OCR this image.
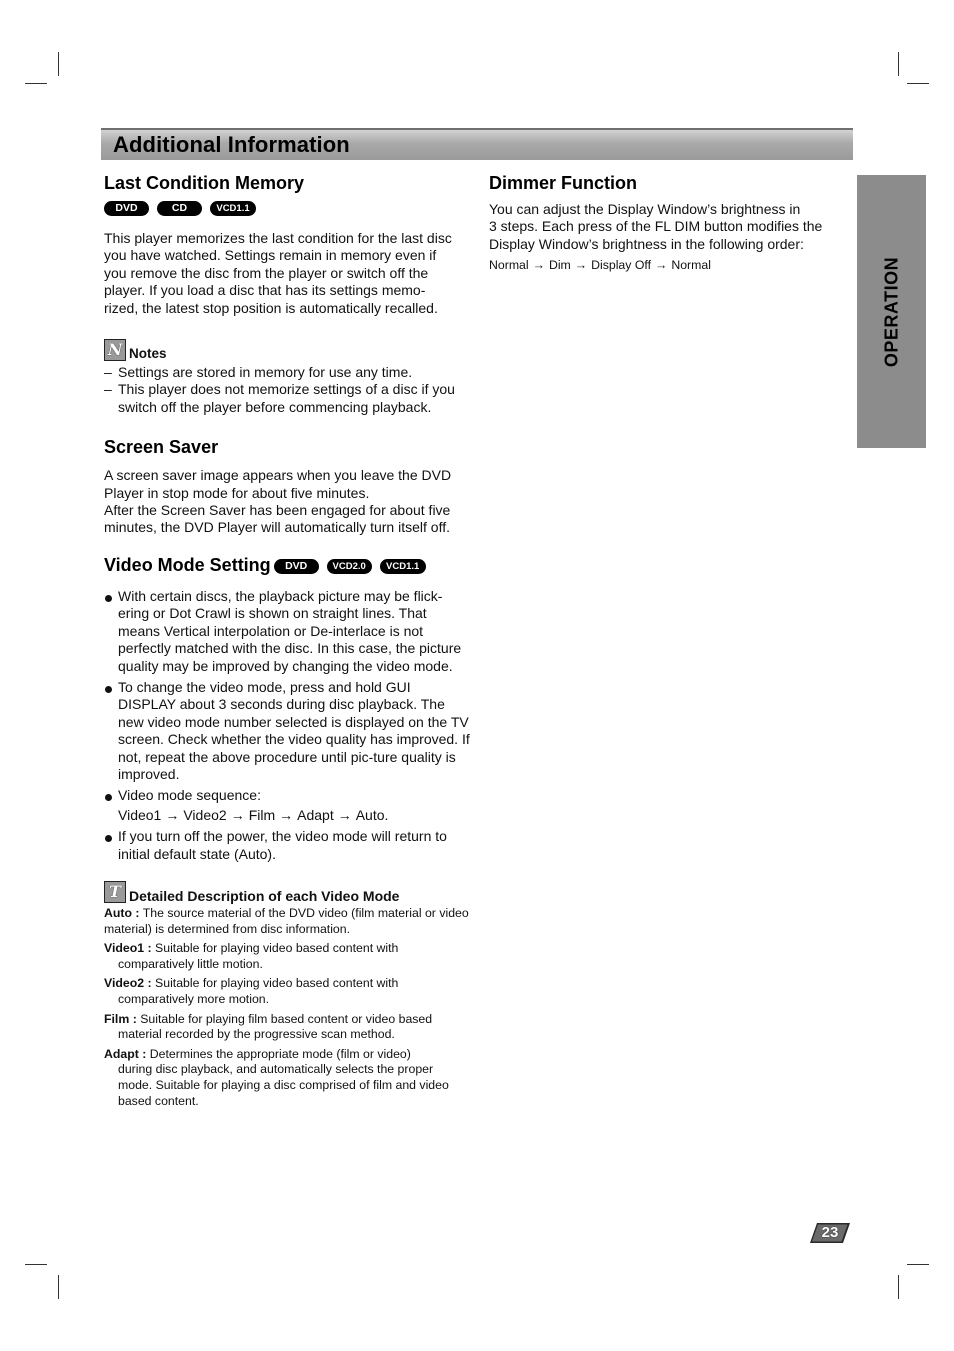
Additional Information
OPERATION
Last Condition Memory
DVD	CD	VCD1.1

This player memorizes the last condition for the last disc

you have watched. Settings remain in memory even if

you remove the disc from the player or switch off the

player. If you load a disc that has its settings memo-

rized, the latest stop position is automatically recalled.

N Notes
– Settings are stored in memory for use any time.
– This player does not memorize settings of a disc if you switch off the player before commencing playback.
Screen Saver

A screen saver image appears when you leave the DVD

Player in stop mode for about five minutes.

After the Screen Saver has been engaged for about five

minutes, the DVD Player will automatically turn itself off.

Video Mode Setting	DVD	VCD2.0	VCD1.1
With certain discs, the playback picture may be flick-ering or Dot Crawl is shown on straight lines. That means Vertical interpolation or De-interlace is not perfectly matched with the disc. In this case, the picture quality may be improved by changing the video mode.
To change the video mode, press and hold GUI DISPLAY about 3 seconds during disc playback. The new video mode number selected is displayed on the TV screen. Check whether the video quality has improved. If not, repeat the above procedure until pic-ture quality is improved.
Video mode sequence:
Video1 → Video2 → Film → Adapt → Auto.
If you turn off the power, the video mode will return to initial default state (Auto).
T Detailed Description of each Video Mode
Auto : The source material of the DVD video (film material or video material) is determined from disc information.
Video1 : Suitable for playing video based content with
comparatively little motion.
Video2 : Suitable for playing video based content with
comparatively more motion.
Film : Suitable for playing film based content or video based
material recorded by the progressive scan method.
Adapt : Determines the appropriate mode (film or video)
during disc playback, and automatically selects the proper mode. Suitable for playing a disc comprised of film and video based content.
Dimmer Function

You can adjust the Display Window’s brightness in

3 steps. Each press of the FL DIM button modifies the

Display Window’s brightness in the following order:

Normal → Dim → Display Off → Normal
23
